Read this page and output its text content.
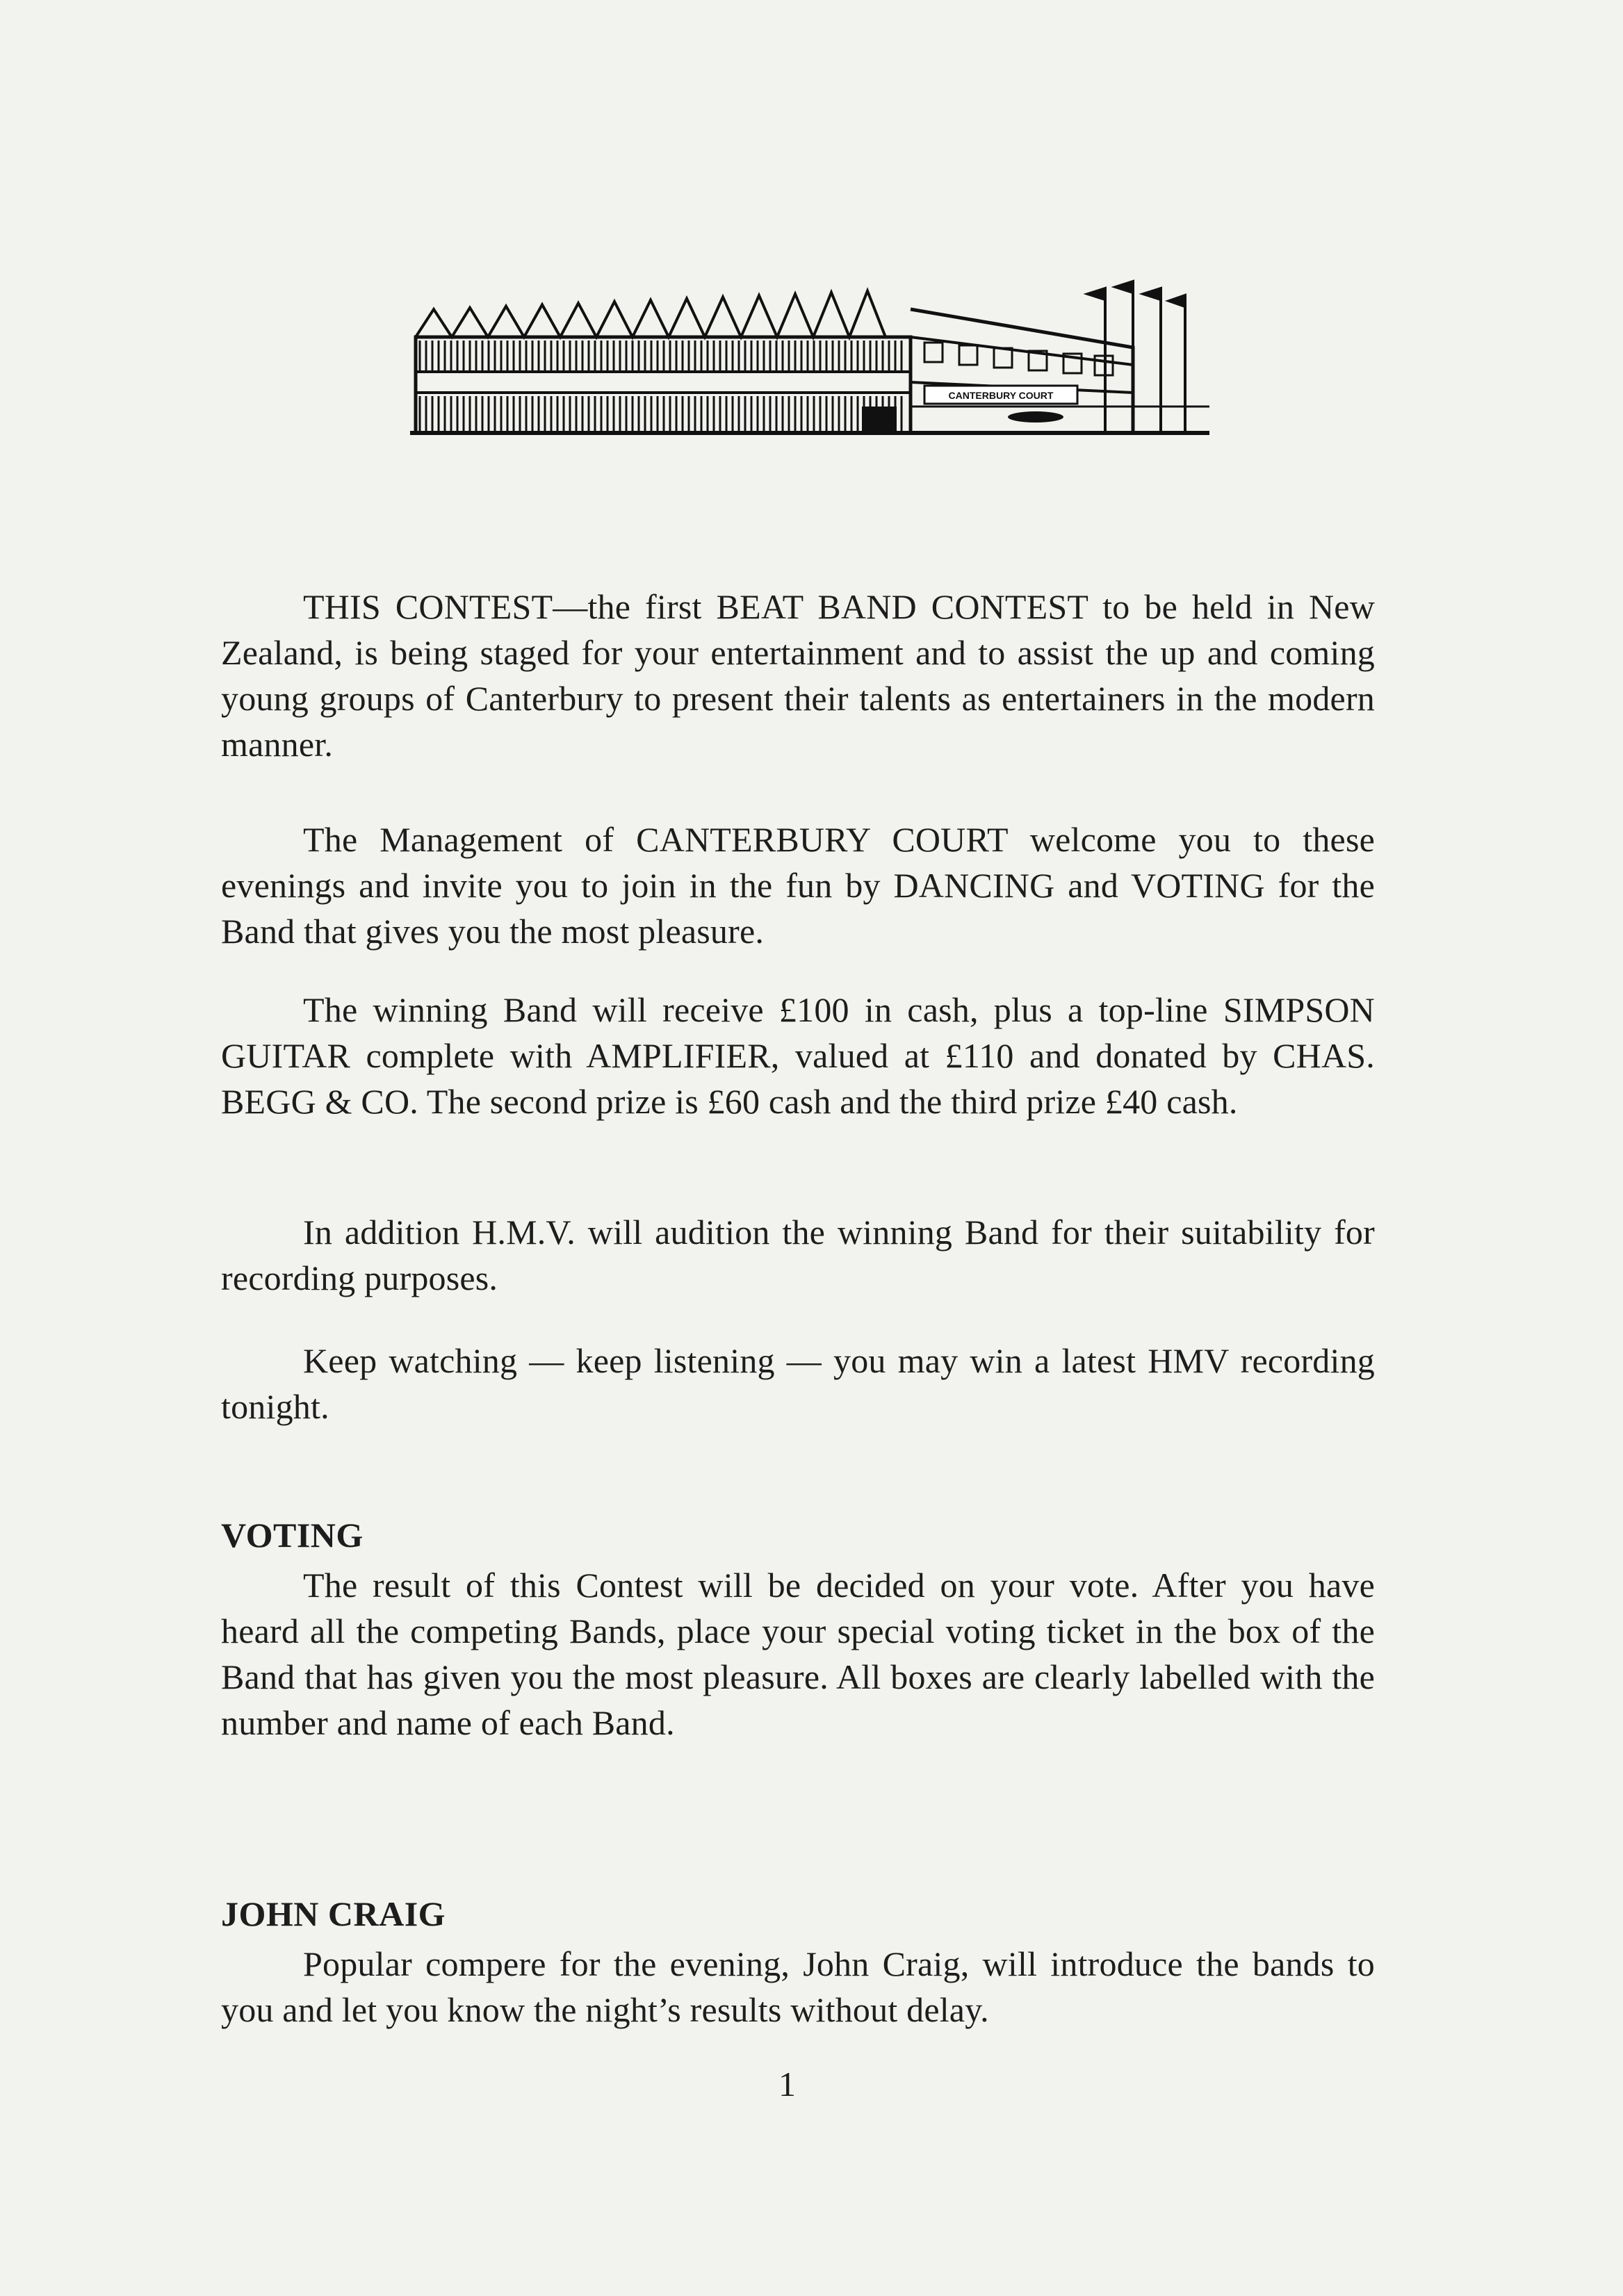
CANTERBURY COURT

THIS CONTEST—the first BEAT BAND CONTEST to be held in New Zealand, is being staged for your entertainment and to assist the up and coming young groups of Canterbury to present their talents as entertainers in the modern manner.

The Management of CANTERBURY COURT welcome you to these evenings and invite you to join in the fun by DANCING and VOTING for the Band that gives you the most pleasure.

The winning Band will receive £100 in cash, plus a top-line SIMPSON GUITAR complete with AMPLIFIER, valued at £110 and donated by CHAS. BEGG & CO. The second prize is £60 cash and the third prize £40 cash.

In addition H.M.V. will audition the winning Band for their suitability for recording purposes.

Keep watching — keep listening — you may win a latest HMV recording tonight.

VOTING

The result of this Contest will be decided on your vote. After you have heard all the competing Bands, place your special voting ticket in the box of the Band that has given you the most pleasure. All boxes are clearly labelled with the number and name of each Band.

JOHN CRAIG

Popular compere for the evening, John Craig, will introduce the bands to you and let you know the night’s results without delay.

1
